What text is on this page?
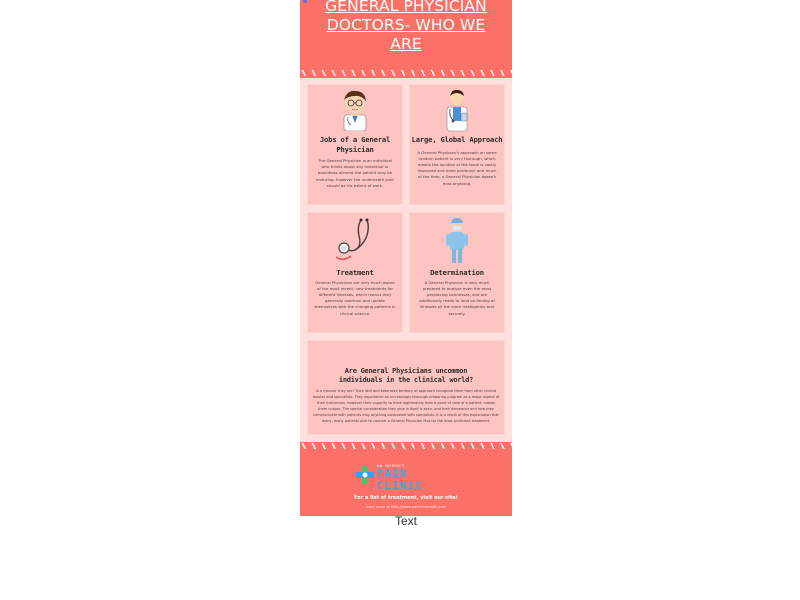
GENERAL PHYSICIAN DOCTORS- WHO WE ARE
Jobs of a General Physician
The General Physician is an individual who thinks about any individual or boundless ailment the patient may be enduring, however the underneath joint should be his extent of work.
Large, Global Approach
A General Physician's approach on some random patient is very thorough, which means the location of the issue is vastly improved and more profound, and much of the time, a General Physician doesn't miss anything.
Treatment
General Physicians are very much aware of the most recent, new treatments for different illnesses, which means they generally overhaul and update themselves with the changing patterns in clinical science.
Determination
A General Physician is very much prepared to analyze even the most perplexing sicknesses, and are additionally ready to land on finding of illnesses all the more intelligently and securely.
Are General Physicians uncommon individuals in the clinical world?
In a manner they are! Their skill and extensive territory of approach recognize them from other clinical master and specialists. They experience an increasingly thorough preparing program as a major aspect of their instruction, however their capacity to think legitimately from a point of view of a patient, makes them unique. The special consideration they give in itself is seen, and their demeanor and how they communicate with patients may anything contrasted with specialists. It is a result of this explanation that many, many patients pick to counsel a General Physician first for the most proficient treatment.
DR. PATRICK'S
PAIN CLINIC
For a list of treatment, visit our site!
learn more at http://www.patrickshealth.com
Text
